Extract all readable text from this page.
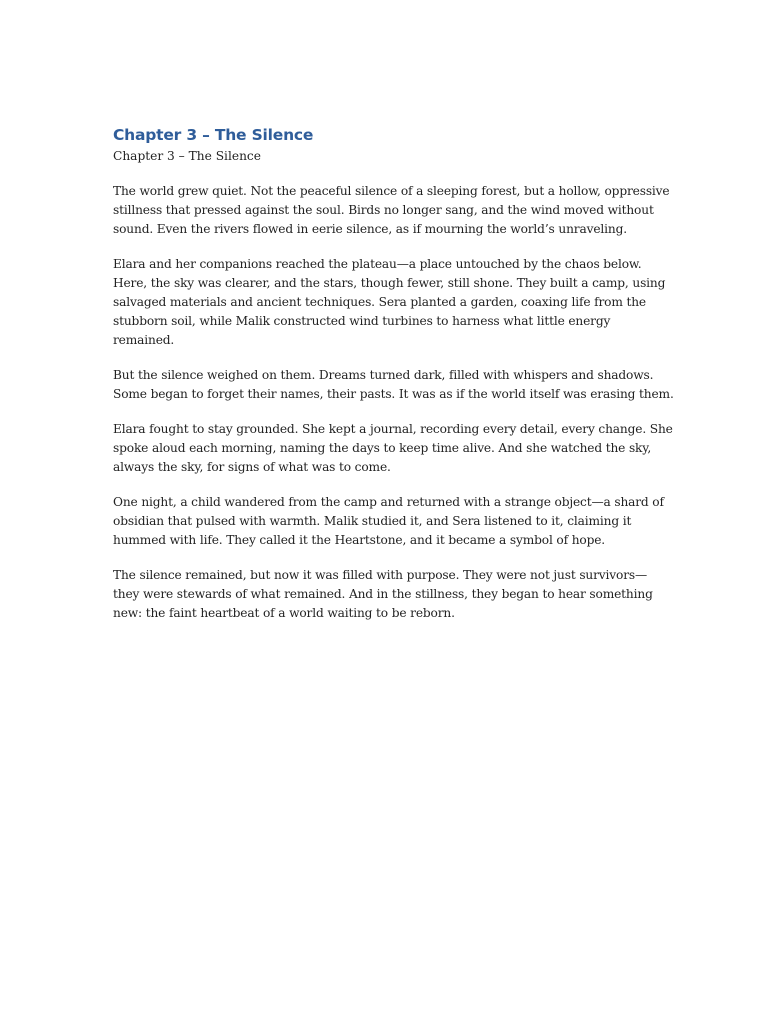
Chapter 3 – The Silence
Chapter 3 – The Silence

The world grew quiet. Not the peaceful silence of a sleeping forest, but a hollow, oppressive
stillness that pressed against the soul. Birds no longer sang, and the wind moved without
sound. Even the rivers flowed in eerie silence, as if mourning the world’s unraveling.

Elara and her companions reached the plateau—a place untouched by the chaos below.
Here, the sky was clearer, and the stars, though fewer, still shone. They built a camp, using
salvaged materials and ancient techniques. Sera planted a garden, coaxing life from the
stubborn soil, while Malik constructed wind turbines to harness what little energy
remained.

But the silence weighed on them. Dreams turned dark, filled with whispers and shadows.
Some began to forget their names, their pasts. It was as if the world itself was erasing them.

Elara fought to stay grounded. She kept a journal, recording every detail, every change. She
spoke aloud each morning, naming the days to keep time alive. And she watched the sky,
always the sky, for signs of what was to come.

One night, a child wandered from the camp and returned with a strange object—a shard of
obsidian that pulsed with warmth. Malik studied it, and Sera listened to it, claiming it
hummed with life. They called it the Heartstone, and it became a symbol of hope.

The silence remained, but now it was filled with purpose. They were not just survivors—
they were stewards of what remained. And in the stillness, they began to hear something
new: the faint heartbeat of a world waiting to be reborn.
